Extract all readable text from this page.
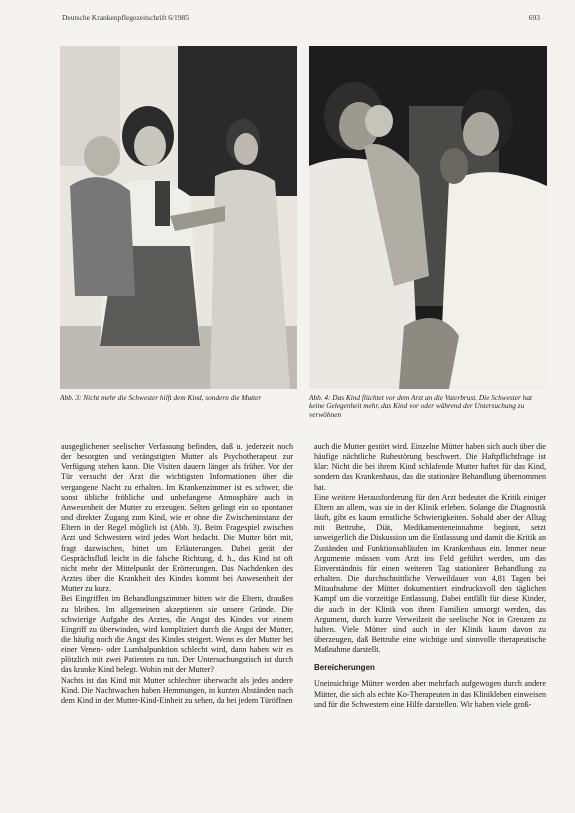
Deutsche Krankenpflegezeitschrift 6/1985	693
Abb. 3: Nicht mehr die Schwester hilft dem Kind, sondern die Mutter	Abb. 4: Das Kind flüchtet vor dem Arzt an die Vaterbrust. Die Schwester hat keine Gelegenheit mehr, das Kind vor oder während der Untersuchung zu verwöhnen

ausgeglichener seelischer Verfassung befinden, daß u. jederzeit noch der besorgten und verängstigten Mutter als Psychotherapeut zur Verfügung stehen kann. Die Visiten dauern länger als früher. Vor der Tür versucht der Arzt die wichtigsten Informationen über die vergangene Nacht zu erhalten. Im Krankenzimmer ist es schwer, die sonst übliche fröhliche und unbefangene Atmosphäre auch in Anwesenheit der Mutter zu erzeugen. Selten gelingt ein so spontaner und direkter Zugang zum Kind, wie er ohne die Zwischeninstanz der Eltern in der Regel möglich ist (Abb. 3). Beim Fragespiel zwischen Arzt und Schwestern wird jedes Wort bedacht. Die Mutter hört mit, fragt dazwischen, bittet um Erläuterungen. Dabei gerät der Gesprächsfluß leicht in die falsche Richtung, d. h., das Kind ist oft nicht mehr der Mittelpunkt der Erörterungen. Das Nachdenken des Arztes über die Krankheit des Kindes kommt bei Anwesenheit der Mutter zu kurz.

Bei Eingriffen im Behandlungszimmer bitten wir die Eltern, draußen zu bleiben. Im allgemeinen akzeptieren sie unsere Gründe. Die schwierige Aufgabe des Arztes, die Angst des Kindes vor einem Eingriff zu überwinden, wird kompliziert durch die Angst der Mutter, die häufig noch die Angst des Kindes steigert. Wenn es der Mutter bei einer Venen- oder Lumbalpunktion schlecht wird, dann haben wir es plötzlich mit zwei Patienten zu tun. Der Untersuchungstisch ist durch das kranke Kind belegt. Wohin mit der Mutter?

Nachts ist das Kind mit Mutter schlechter überwacht als jedes andere Kind. Die Nachtwachen haben Hemmungen, in kurzen Abständen nach dem Kind in der Mutter-Kind-Einheit zu sehen, da bei jedem Türöffnen

auch die Mutter gestört wird. Einzelne Mütter haben sich auch über die häufige nächtliche Ruhestörung beschwert. Die Haftpflichtfrage ist klar: Nicht die bei ihrem Kind schlafende Mutter haftet für das Kind, sondern das Krankenhaus, das die stationäre Behandlung übernommen hat.

Eine weitere Herausforderung für den Arzt bedeutet die Kritik einiger Eltern an allem, was sie in der Klinik erleben. Solange die Diagnostik läuft, gibt es kaum ernstliche Schwierigkeiten. Sobald aber der Alltag mit Bettruhe, Diät, Medikamenteneinnahme beginnt, setzt unweigerlich die Diskussion um die Entlassung und damit die Kritik an Zuständen und Funktionsabläufen im Krankenhaus ein. Immer neue Argumente müssen vom Arzt ins Feld geführt werden, um das Einverständnis für einen weiteren Tag stationärer Behandlung zu erhalten. Die durchschnittliche Verweildauer von 4,81 Tagen bei Mitaufnahme der Mütter dokumentiert eindrucksvoll den täglichen Kampf um die vorzeitige Entlassung. Dabei entfällt für diese Kinder, die auch in der Klinik von ihren Familien umsorgt werden, das Argument, durch kurze Verweilzeit die seelische Not in Grenzen zu halten. Viele Mütter sind auch in der Klinik kaum davon zu überzeugen, daß Bettruhe eine wichtige und sinnvolle therapeutische Maßnahme darstellt.

Bereicherungen

Uneinsichtige Mütter werden aber mehrfach aufgewogen durch andere Mütter, die sich als echte Ko-Therapeuten in das Klinikleben einweisen und für die Schwestern eine Hilfe darstellen. Wir haben viele groß-
